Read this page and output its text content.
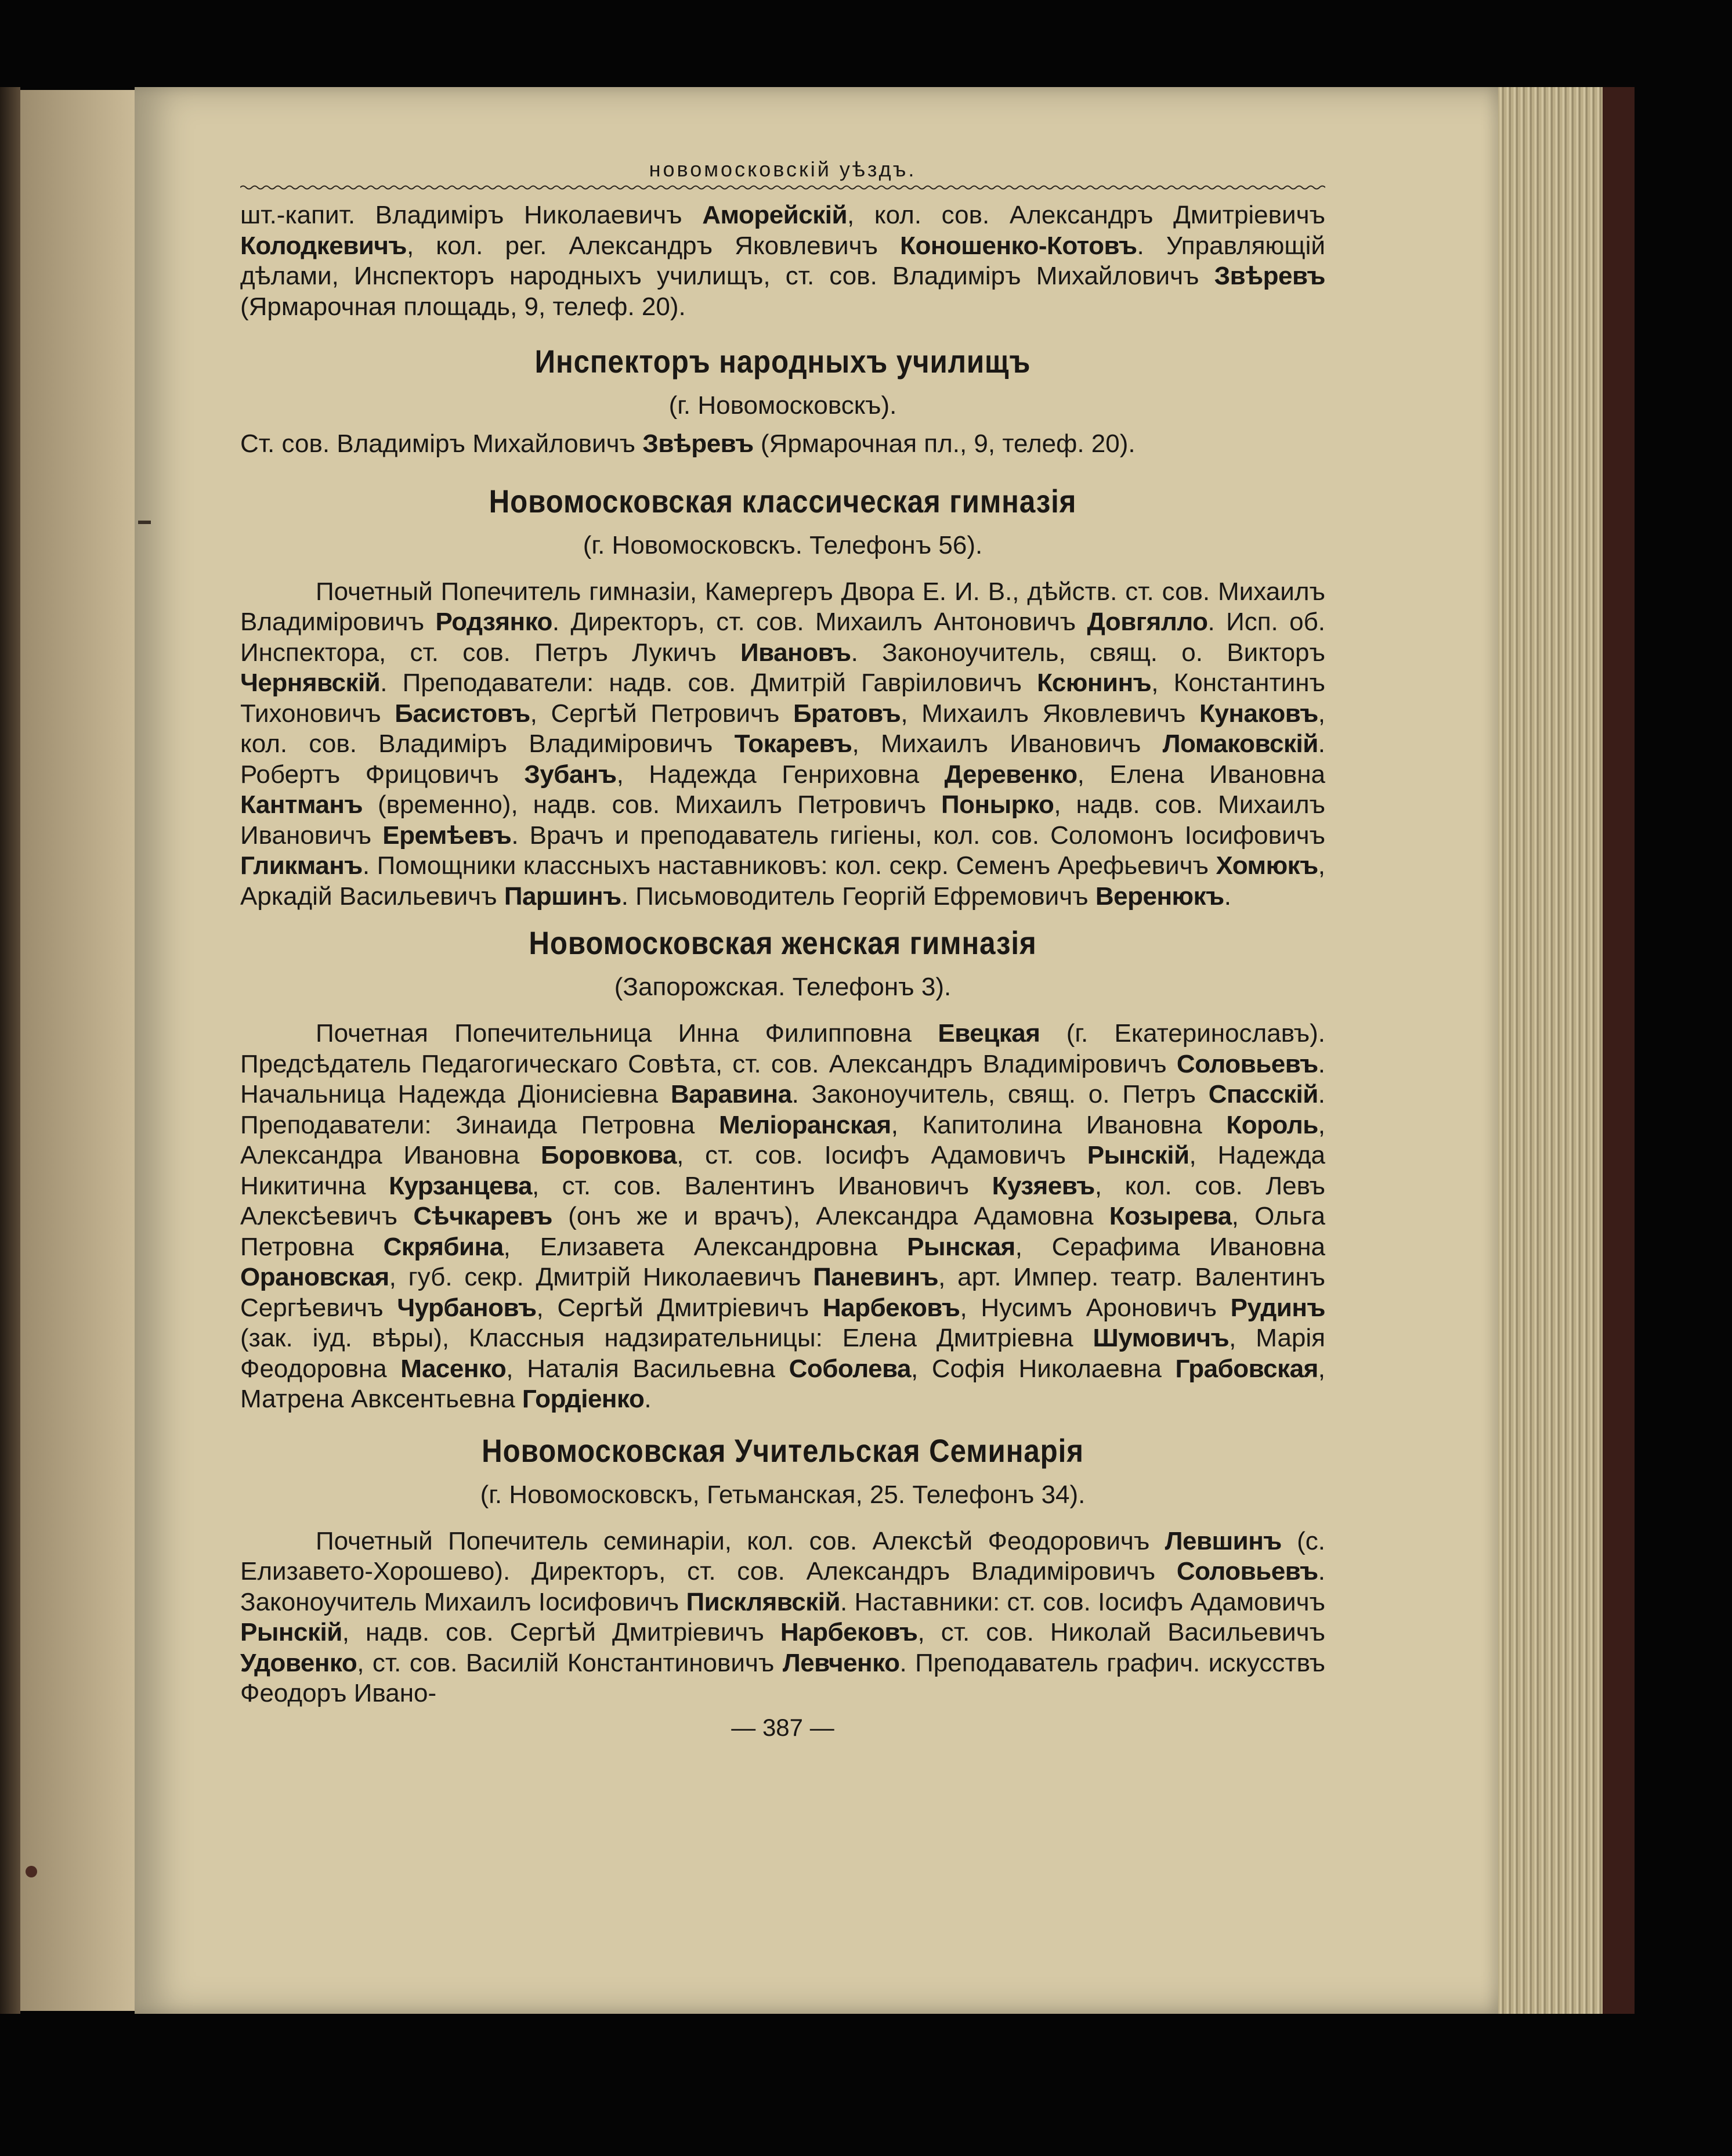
новомосковскій уѣздъ.

шт.-капит. Владиміръ Николаевичъ Аморейскій, кол. сов. Александръ Дмитріевичъ Колодкевичъ, кол. рег. Александръ Яковлевичъ Коношенко-Котовъ. Управляющій дѣлами, Инспекторъ народныхъ училищъ, ст. сов. Владиміръ Михайловичъ Звѣревъ (Ярмарочная площадь, 9, телеф. 20).

Инспекторъ народныхъ училищъ
(г. Новомосковскъ).

Ст. сов. Владиміръ Михайловичъ Звѣревъ (Ярмарочная пл., 9, телеф. 20).

Новомосковская классическая гимназія
(г. Новомосковскъ. Телефонъ 56).

Почетный Попечитель гимназіи, Камергеръ Двора Е. И. В., дѣйств. ст. сов. Михаилъ Владиміровичъ Родзянко. Директоръ, ст. сов. Михаилъ Антоновичъ Довгялло. Исп. об. Инспектора, ст. сов. Петръ Лукичъ Ивановъ. Законоучитель, свящ. о. Викторъ Чернявскій. Преподаватели: надв. сов. Дмитрій Гавріиловичъ Ксюнинъ, Константинъ Тихоновичъ Басистовъ, Сергѣй Петровичъ Братовъ, Михаилъ Яковлевичъ Кунаковъ, кол. сов. Владиміръ Владиміровичъ Токаревъ, Михаилъ Ивановичъ Ломаковскій. Робертъ Фрицовичъ Зубанъ, Надежда Генриховна Деревенко, Елена Ивановна Кантманъ (временно), надв. сов. Михаилъ Петровичъ Понырко, надв. сов. Михаилъ Ивановичъ Еремѣевъ. Врачъ и преподаватель гигіены, кол. сов. Соломонъ Іосифовичъ Гликманъ. Помощники классныхъ наставниковъ: кол. секр. Семенъ Арефьевичъ Хомюкъ, Аркадій Васильевичъ Паршинъ. Письмоводитель Георгій Ефремовичъ Веренюкъ.

Новомосковская женская гимназія
(Запорожская. Телефонъ 3).

Почетная Попечительница Инна Филипповна Евецкая (г. Екатеринославъ). Предсѣдатель Педагогическаго Совѣта, ст. сов. Александръ Владиміровичъ Соловьевъ. Начальница Надежда Діонисіевна Варавина. Законоучитель, свящ. о. Петръ Спасскій. Преподаватели: Зинаида Петровна Меліоранская, Капитолина Ивановна Король, Александра Ивановна Боровкова, ст. сов. Іосифъ Адамовичъ Рынскій, Надежда Никитична Курзанцева, ст. сов. Валентинъ Ивановичъ Кузяевъ, кол. сов. Левъ Алексѣевичъ Сѣчкаревъ (онъ же и врачъ), Александра Адамовна Козырева, Ольга Петровна Скрябина, Елизавета Александровна Рынская, Серафима Ивановна Орановская, губ. секр. Дмитрій Николаевичъ Паневинъ, арт. Импер. театр. Валентинъ Сергѣевичъ Чурбановъ, Сергѣй Дмитріевичъ Нарбековъ, Нусимъ Ароновичъ Рудинъ (зак. іуд. вѣры), Классныя надзирательницы: Елена Дмитріевна Шумовичъ, Марія Феодоровна Масенко, Наталія Васильевна Соболева, Софія Николаевна Грабовская, Матрена Авксентьевна Гордіенко.

Новомосковская Учительская Семинарія
(г. Новомосковскъ, Гетьманская, 25. Телефонъ 34).

Почетный Попечитель семинаріи, кол. сов. Алексѣй Феодоровичъ Левшинъ (с. Елизавето-Хорошево). Директоръ, ст. сов. Александръ Владиміровичъ Соловьевъ. Законоучитель Михаилъ Іосифовичъ Писклявскій. Наставники: ст. сов. Іосифъ Адамовичъ Рынскій, надв. сов. Сергѣй Дмитріевичъ Нарбековъ, ст. сов. Николай Васильевичъ Удовенко, ст. сов. Василій Константиновичъ Левченко. Преподаватель графич. искусствъ Феодоръ Ивано-

— 387 —
